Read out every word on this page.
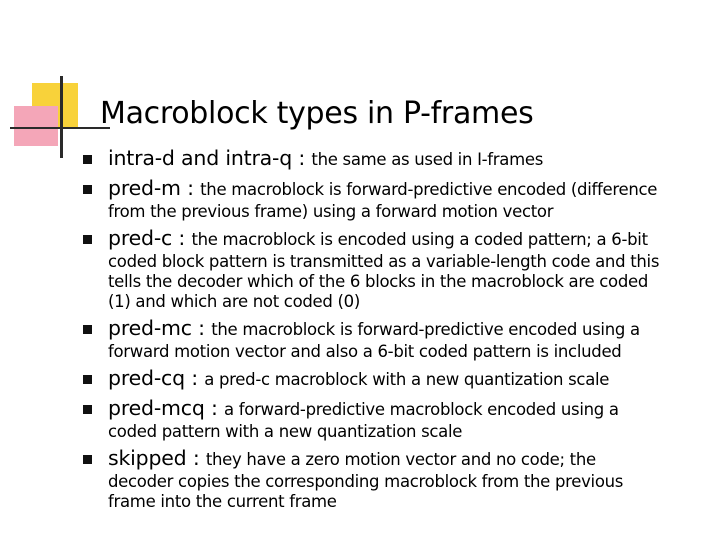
Macroblock types in P-frames
intra-d and intra-q : the same as used in I-frames
pred-m : the macroblock is forward-predictive encoded (difference
from the previous frame) using a forward motion vector
pred-c : the macroblock is encoded using a coded pattern; a 6-bit
coded block pattern is transmitted as a variable-length code and this
tells the decoder which of the 6 blocks in the macroblock are coded
(1) and which are not coded (0)
pred-mc : the macroblock is forward-predictive encoded using a
forward motion vector and also a 6-bit coded pattern is included
pred-cq : a pred-c macroblock with a new quantization scale
pred-mcq : a forward-predictive macroblock encoded using a
coded pattern with a new quantization scale
skipped : they have a zero motion vector and no code; the
decoder copies the corresponding macroblock from the previous
frame into the current frame
